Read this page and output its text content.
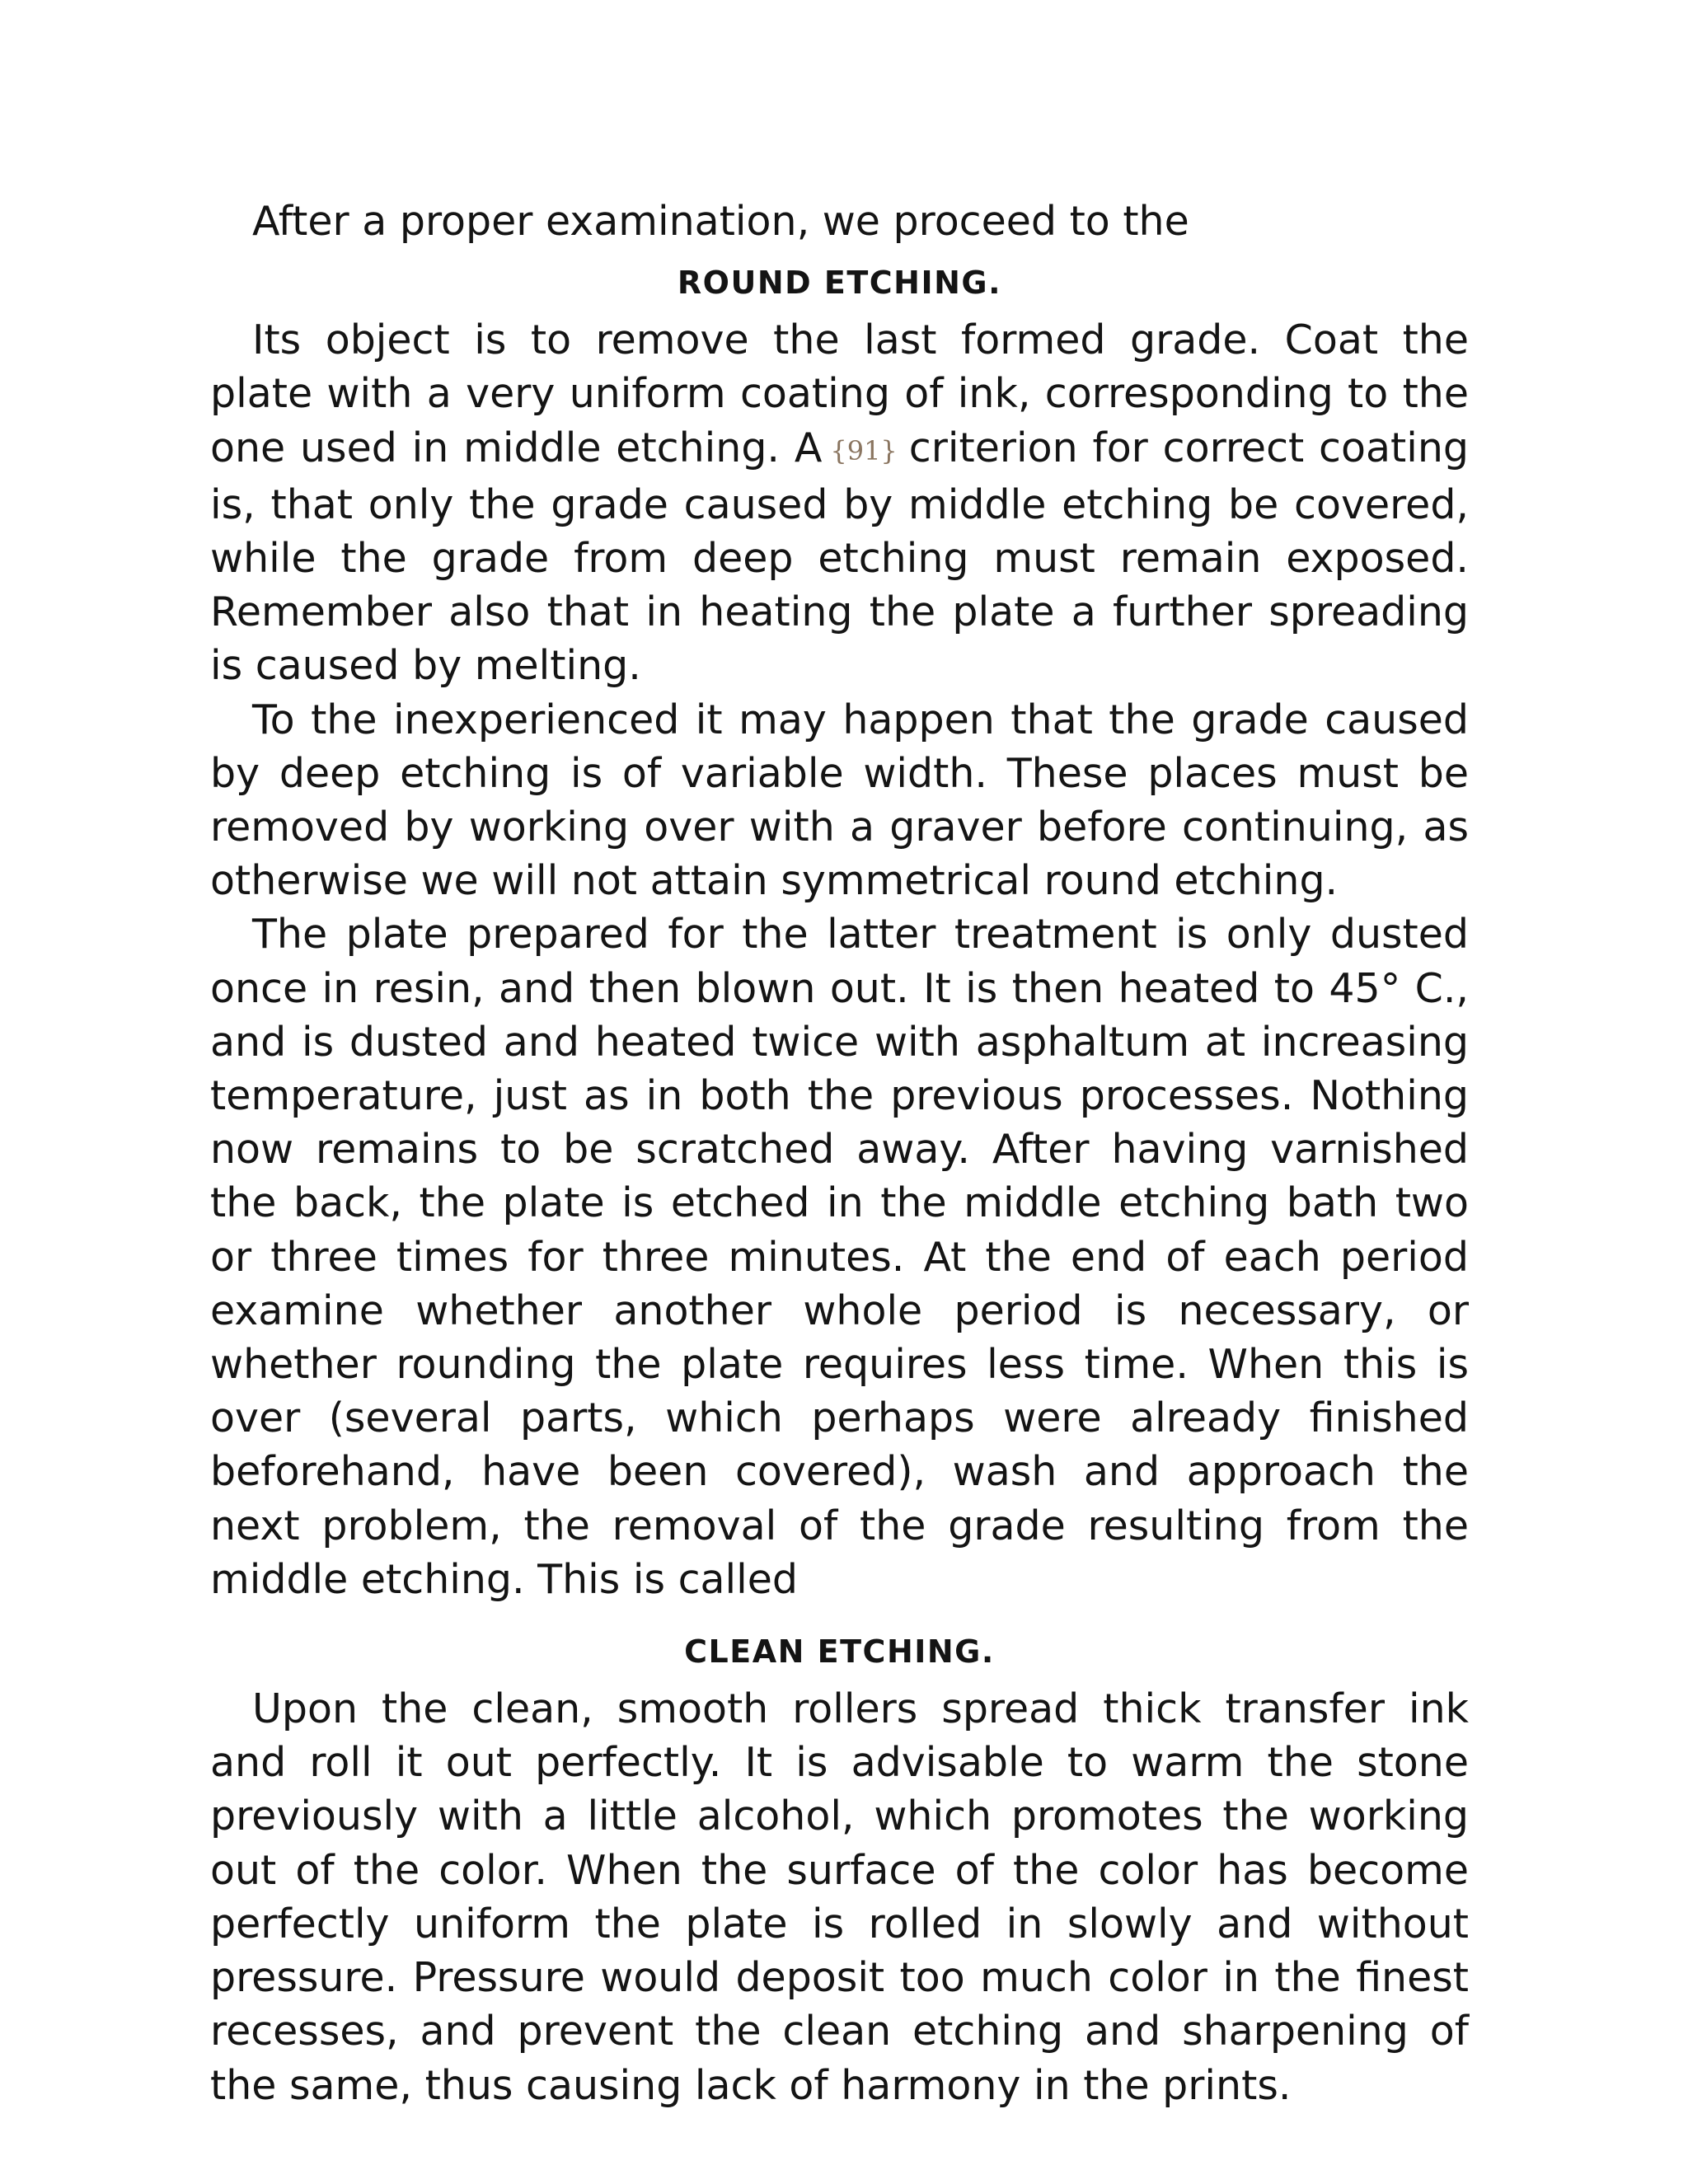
After a proper examination, we proceed to the

ROUND ETCHING.

Its object is to remove the last formed grade. Coat the plate with a very uniform coating of ink, corresponding to the one used in middle etching. A {91} criterion for correct coating is, that only the grade caused by middle etching be covered, while the grade from deep etching must remain exposed. Remember also that in heating the plate a further spreading is caused by melting.

To the inexperienced it may happen that the grade caused by deep etching is of variable width. These places must be removed by working over with a graver before continuing, as otherwise we will not attain symmetrical round etching.

The plate prepared for the latter treatment is only dusted once in resin, and then blown out. It is then heated to 45° C., and is dusted and heated twice with asphaltum at increasing temperature, just as in both the previous processes. Nothing now remains to be scratched away. After having varnished the back, the plate is etched in the middle etching bath two or three times for three minutes. At the end of each period examine whether another whole period is necessary, or whether rounding the plate requires less time. When this is over (several parts, which perhaps were already finished beforehand, have been covered), wash and approach the next problem, the removal of the grade resulting from the middle etching. This is called

CLEAN ETCHING.

Upon the clean, smooth rollers spread thick transfer ink and roll it out perfectly. It is advisable to warm the stone previously with a little alcohol, which promotes the working out of the color. When the surface of the color has become perfectly uniform the plate is rolled in slowly and without pressure. Pressure would deposit too much color in the finest recesses, and prevent the clean etching and sharpening of the same, thus causing lack of harmony in the prints.
